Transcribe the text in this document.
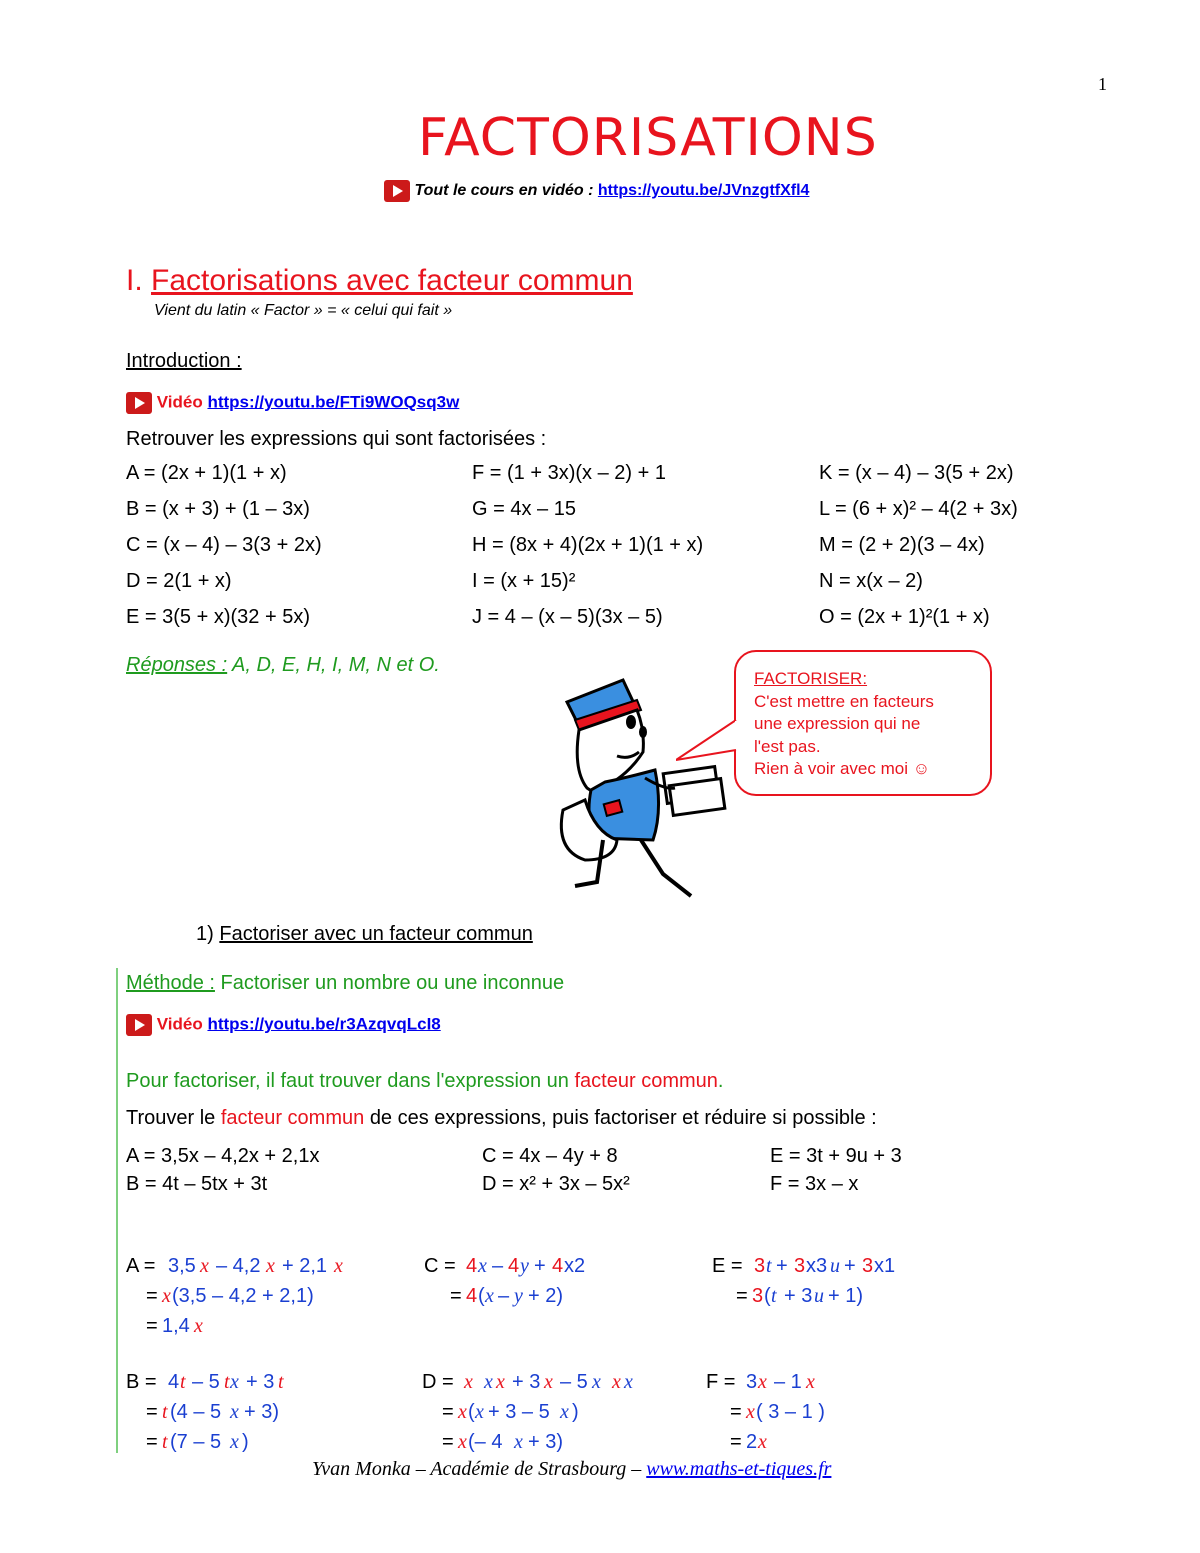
1
FACTORISATIONS
Tout le cours en vidéo : https://youtu.be/JVnzgtfXfl4
I. Factorisations avec facteur commun
Vient du latin « Factor » = « celui qui fait »
Introduction :
Vidéo https://youtu.be/FTi9WOQsq3w
Retrouver les expressions qui sont factorisées :
A = (2x + 1)(1 + x)
B = (x + 3) + (1 – 3x)
C = (x – 4) – 3(3 + 2x)
D = 2(1 + x)
E = 3(5 + x)(32 + 5x)
F = (1 + 3x)(x – 2) + 1
G = 4x – 15
H = (8x + 4)(2x + 1)(1 + x)
I = (x + 15)²
J = 4 – (x – 5)(3x – 5)
K = (x – 4) – 3(5 + 2x)
L = (6 + x)² – 4(2 + 3x)
M = (2 + 2)(3 – 4x)
N = x(x – 2)
O = (2x + 1)²(1 + x)
Réponses : A, D, E, H, I, M, N et O.
FACTORISER:
C'est mettre en facteurs
une expression qui ne
l'est pas.
Rien à voir avec moi ☺
1) Factoriser avec un facteur commun
Méthode : Factoriser un nombre ou une inconnue
Vidéo https://youtu.be/r3AzqvqLcI8
Pour factoriser, il faut trouver dans l'expression un facteur commun.
Trouver le facteur commun de ces expressions, puis factoriser et réduire si possible :
A = 3,5x – 4,2x + 2,1x
B = 4t – 5tx + 3t
C = 4x – 4y + 8
D = x² + 3x – 5x²
E = 3t + 9u + 3
F = 3x – x
A = 3,5 x – 4,2 x + 2,1 x
= x (3,5 – 4,2 + 2,1)
= 1,4 x
C = 4 x – 4 y + 4 x2
= 4 ( x – y + 2)
E = 3 t + 3 x3 u + 3 x1
= 3 ( t + 3 u + 1)
B = 4 t – 5 t x + 3 t
= t (4 – 5 x + 3)
= t (7 – 5 x )
D = x x x + 3 x – 5 x x x
= x ( x + 3 – 5 x )
= x (– 4 x + 3)
F = 3 x – 1 x
= x ( 3 – 1 )
= 2 x
Yvan Monka – Académie de Strasbourg – www.maths-et-tiques.fr
